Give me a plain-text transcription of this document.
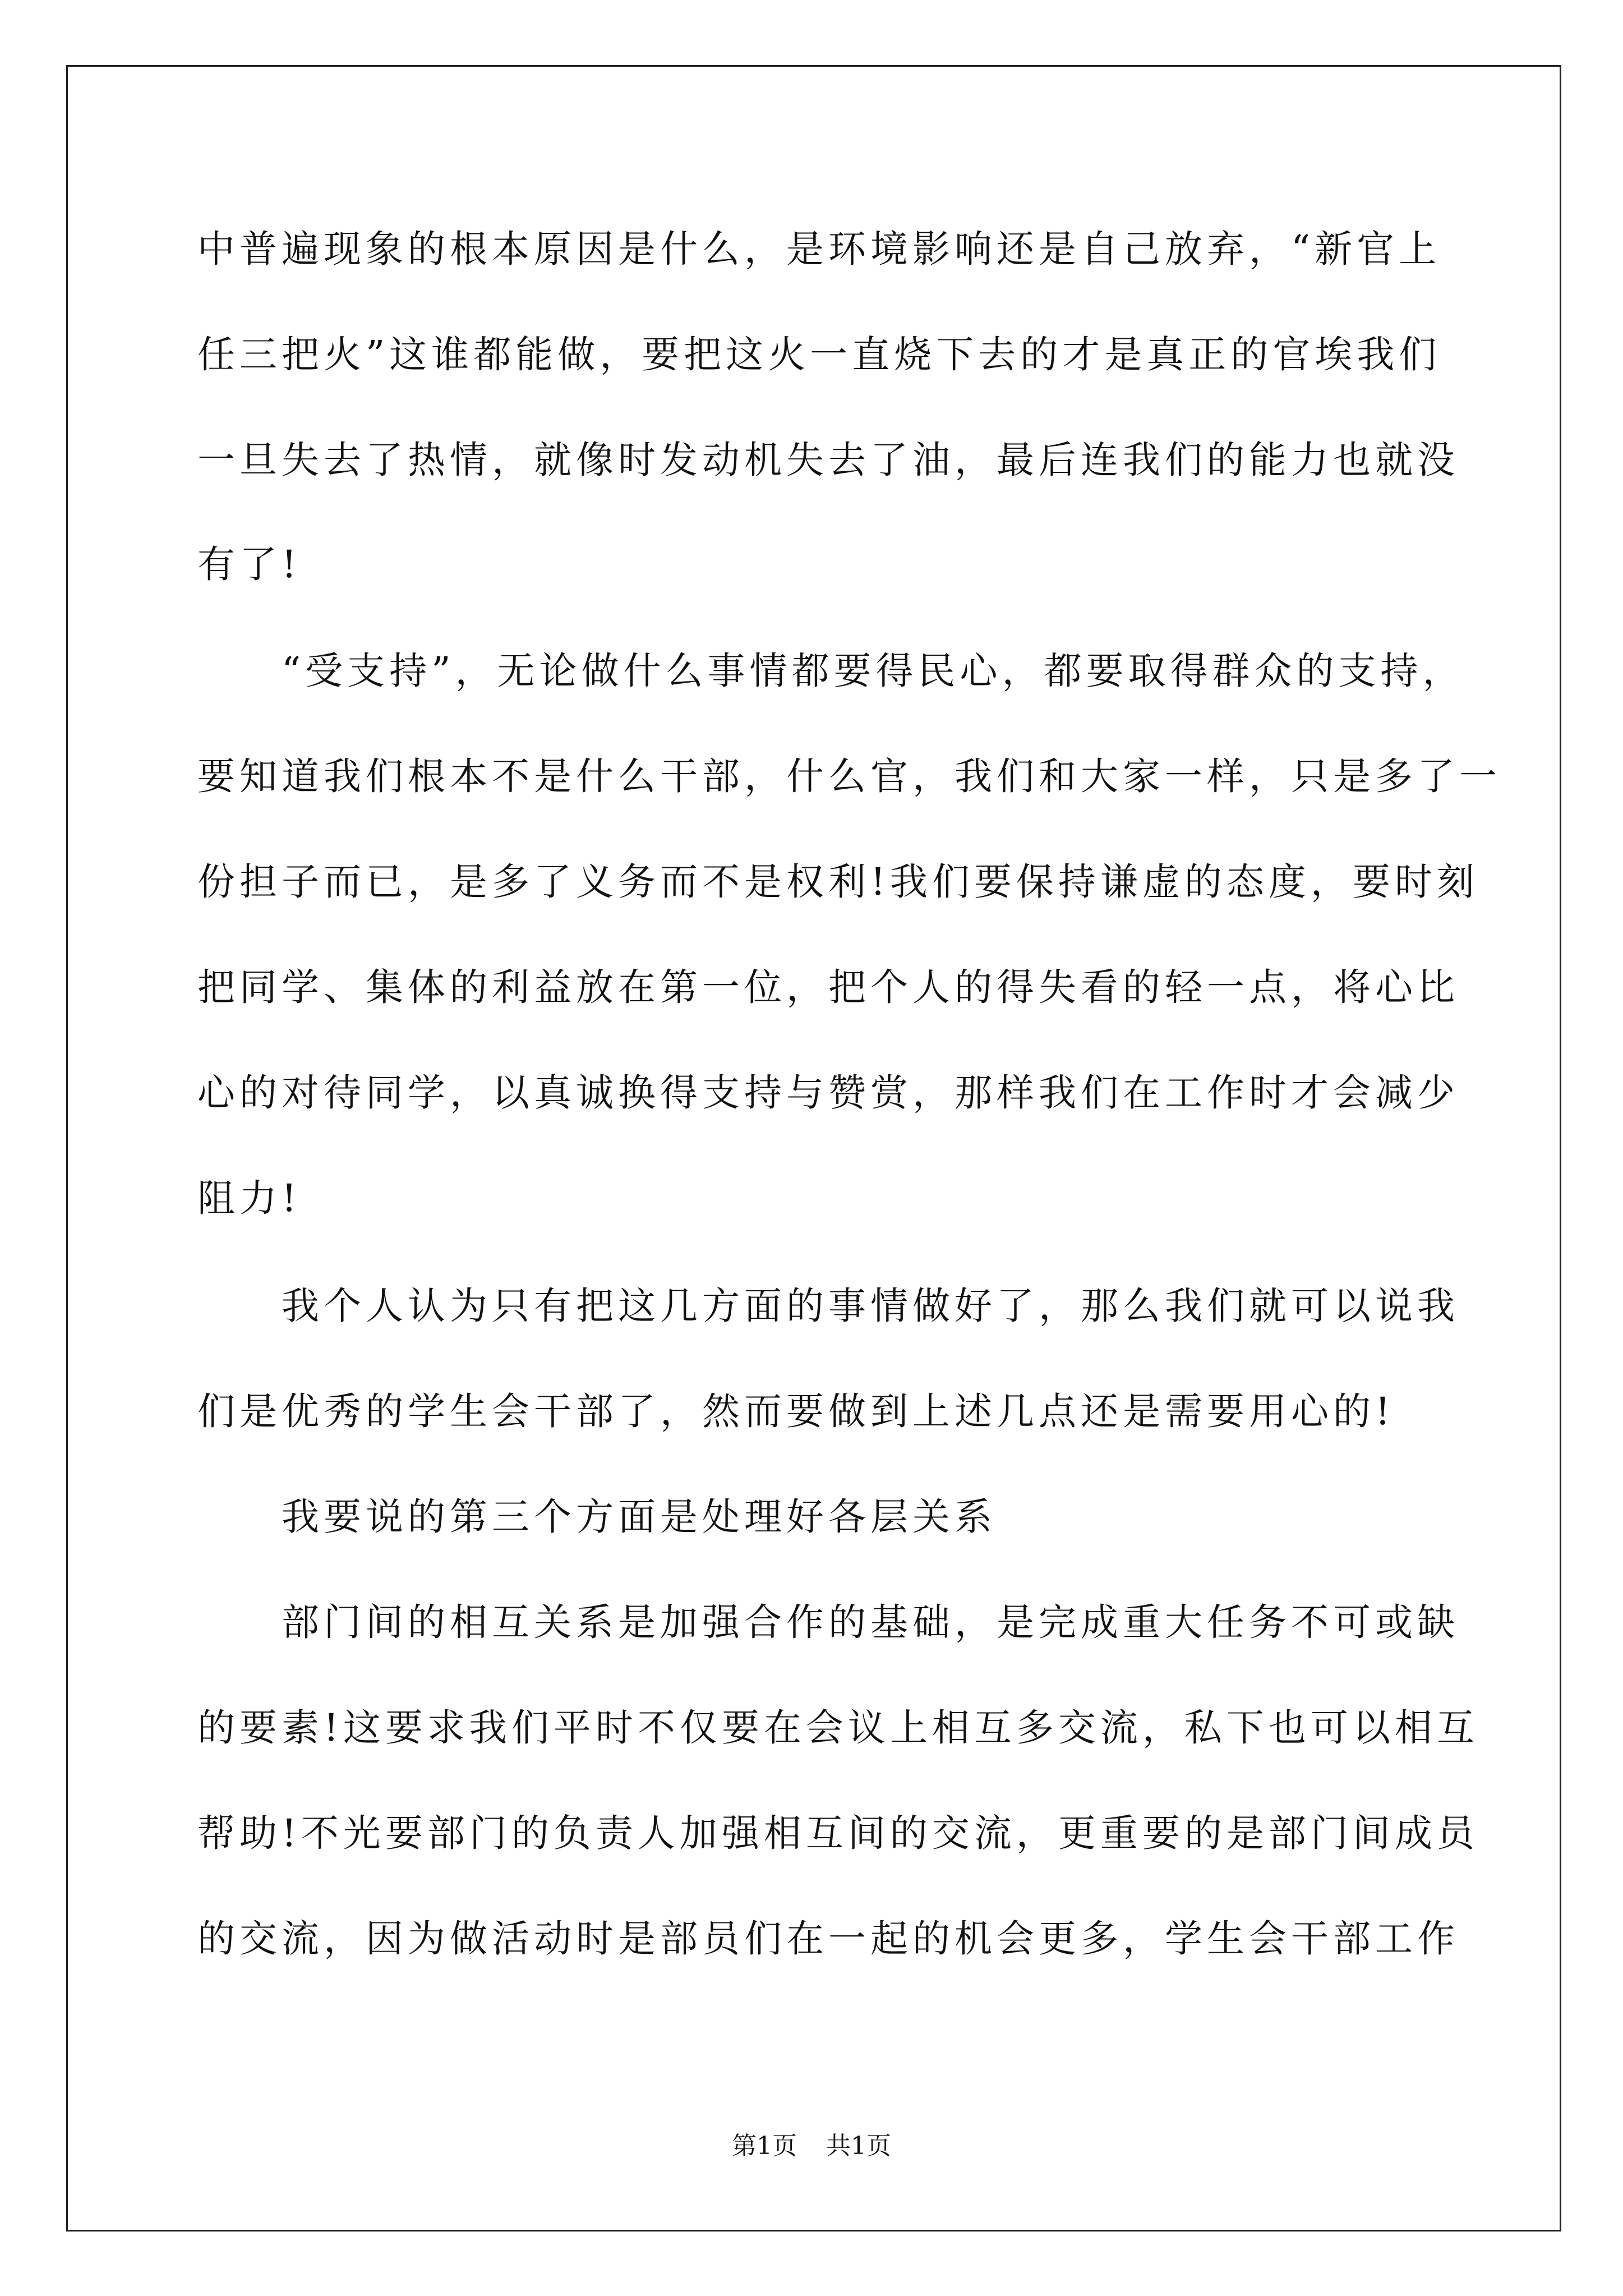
中普遍现象的根本原因是什么，是环境影响还是自己放弃，“新官上
任三把火”这谁都能做，要把这火一直烧下去的才是真正的官埃我们
一旦失去了热情，就像时发动机失去了油，最后连我们的能力也就没
有了!
“受支持”，无论做什么事情都要得民心，都要取得群众的支持，
要知道我们根本不是什么干部，什么官，我们和大家一样，只是多了一
份担子而已，是多了义务而不是权利!我们要保持谦虚的态度，要时刻
把同学、集体的利益放在第一位，把个人的得失看的轻一点，将心比
心的对待同学，以真诚换得支持与赞赏，那样我们在工作时才会减少
阻力!
我个人认为只有把这几方面的事情做好了，那么我们就可以说我
们是优秀的学生会干部了，然而要做到上述几点还是需要用心的!
我要说的第三个方面是处理好各层关系
部门间的相互关系是加强合作的基础，是完成重大任务不可或缺
的要素!这要求我们平时不仅要在会议上相互多交流，私下也可以相互
帮助!不光要部门的负责人加强相互间的交流，更重要的是部门间成员
的交流，因为做活动时是部员们在一起的机会更多，学生会干部工作
第1页 共1页
